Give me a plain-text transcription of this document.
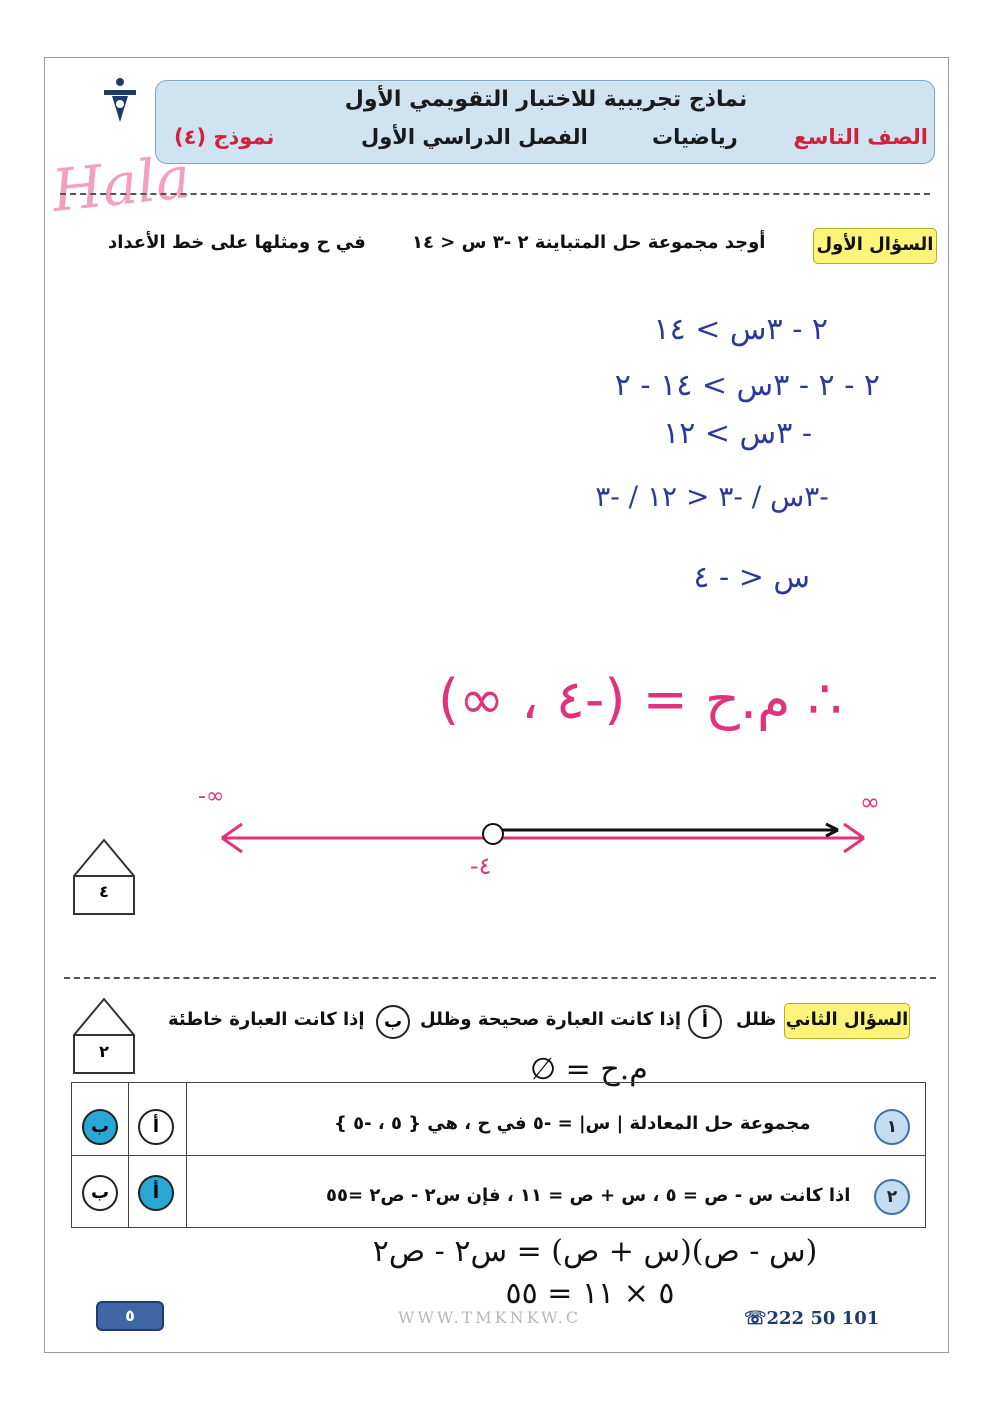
نماذج تجريبية للاختبار التقويمي الأول
الصف التاسع
رياضيات
الفصل الدراسي الأول
نموذج (٤)
Hala
السؤال الأول
أوجد مجموعة حل المتباينة ٢ -٣ س < ١٤
في ح ومثلها على خط الأعداد
٢ - ٣س > ١٤
٢ - ٢ - ٣س > ١٤ - ٢
- ٣س > ١٢
-٣س / -٣ < ١٢ / -٣
س < - ٤
∴ م.ح = (-٤ ، ∞)
-∞	∞
-٤
٤
٢
السؤال الثاني
ظلل
أ
إذا كانت العبارة صحيحة وظلل
ب
إذا كانت العبارة خاطئة
م.ح = ∅
١
مجموعة حل المعادلة | س| = -٥ في ح ، هي { ٥ ، -٥ }
أ
ب
٢
اذا كانت س - ص = ٥ ، س + ص = ١١ ، فإن س٢ - ص٢ =٥٥
أ
ب
(س - ص)(س + ص) = س٢ - ص٢
٥ × ١١ = ٥٥
٥	WWW.TMKNKW.C	☏222 50 101
